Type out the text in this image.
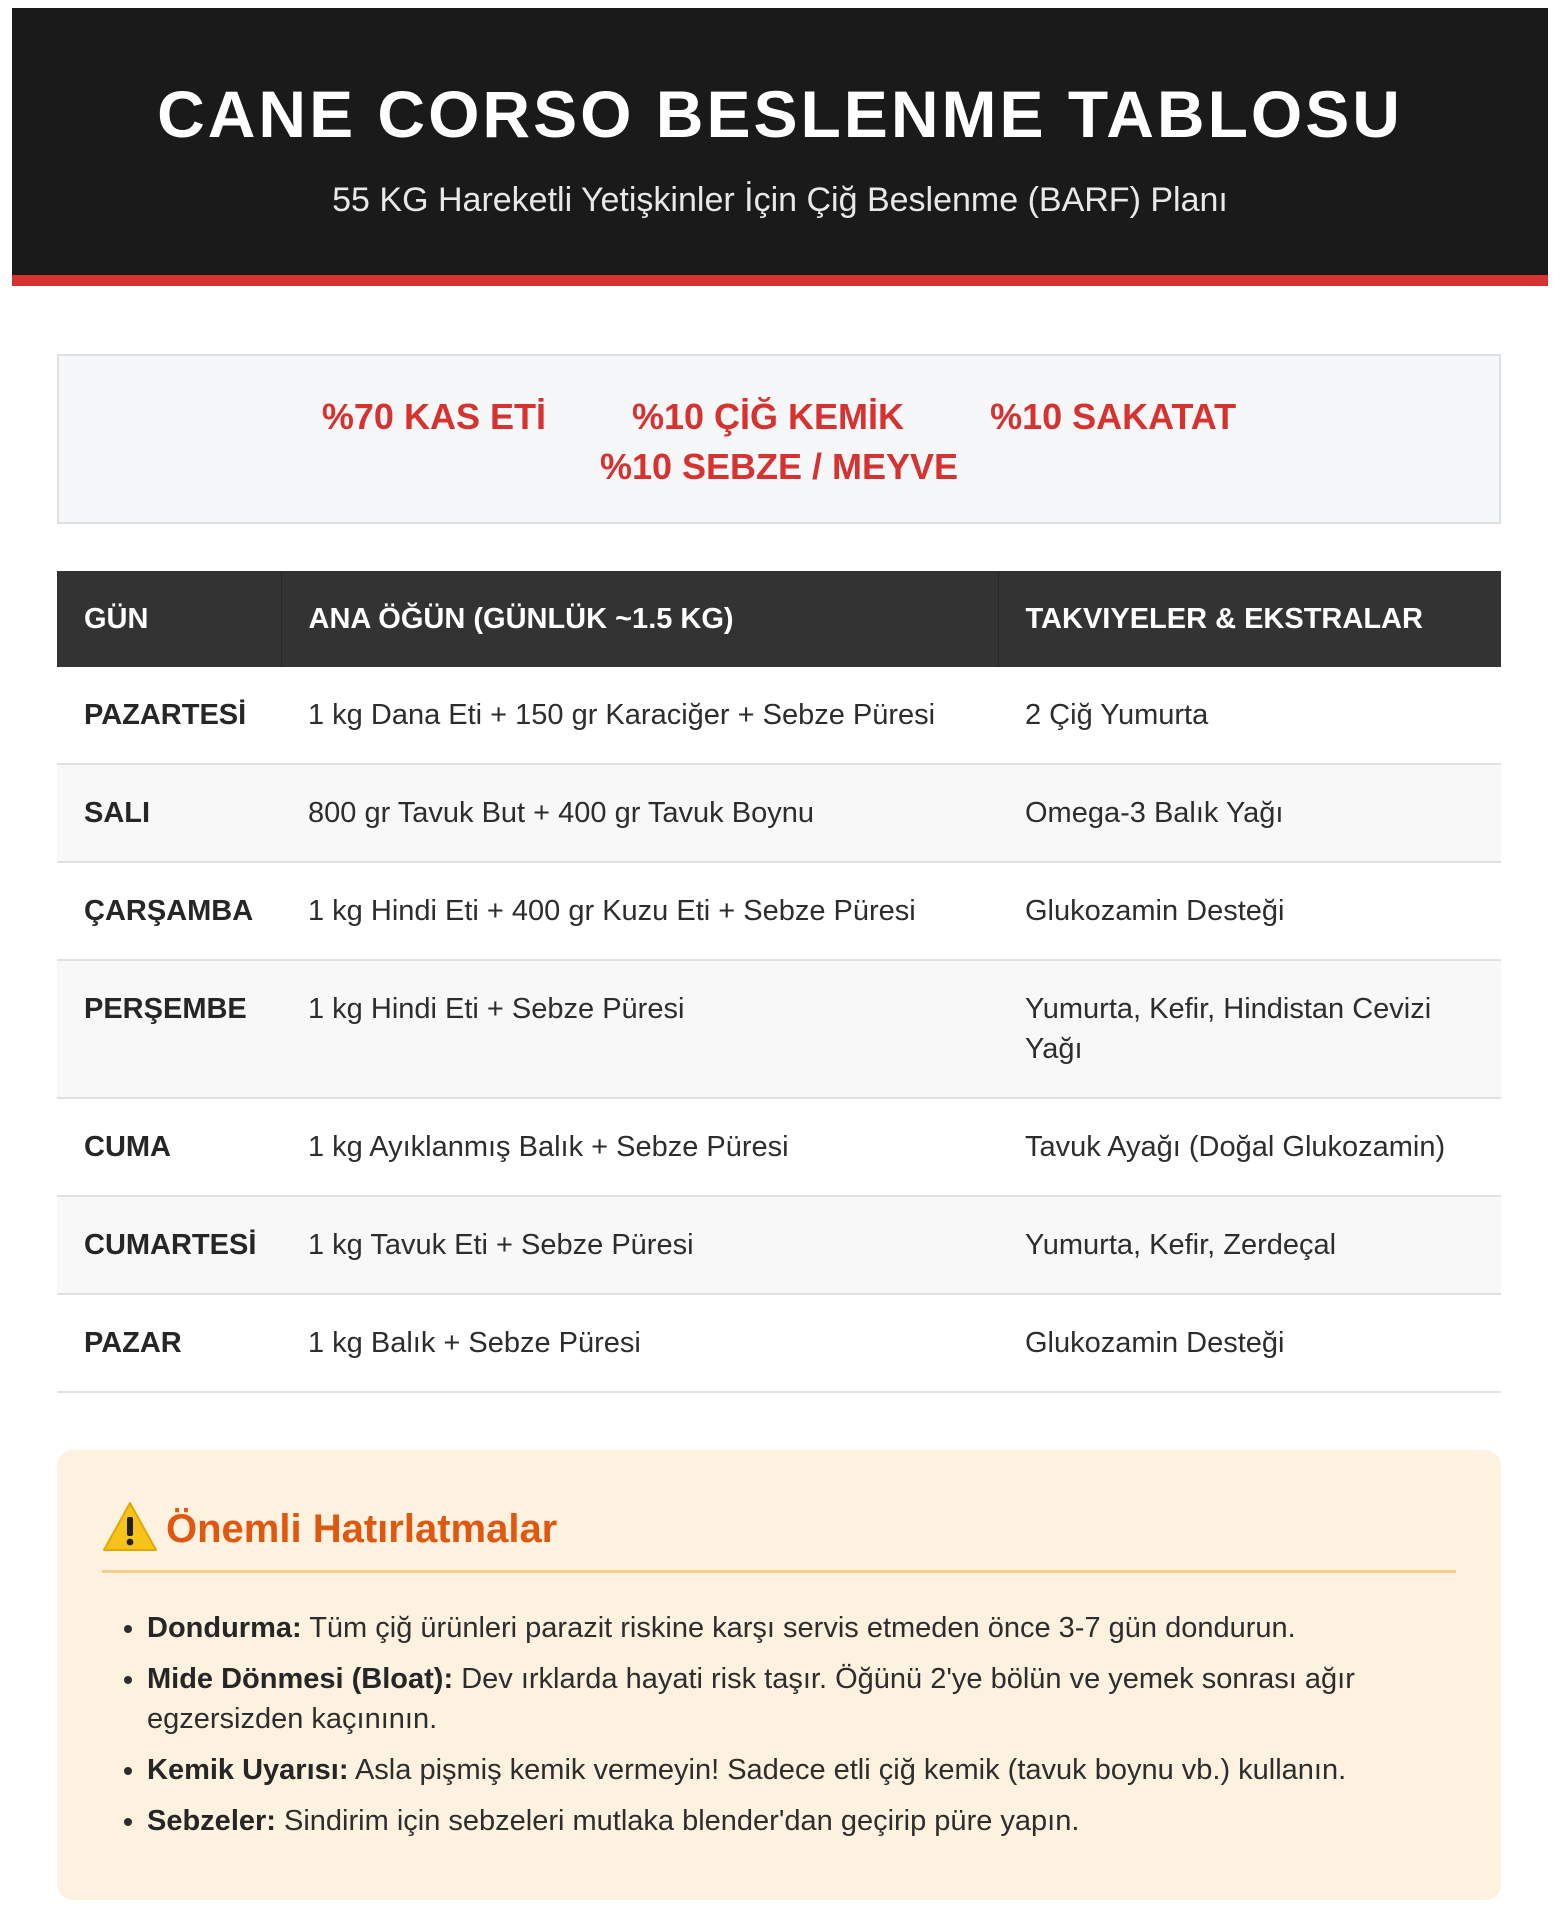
CANE CORSO BESLENME TABLOSU
55 KG Hareketli Yetişkinler İçin Çiğ Beslenme (BARF) Planı
%70 KAS ETİ %10 ÇİĞ KEMİK %10 SAKATAT
%10 SEBZE / MEYVE
GÜN	ANA ÖĞÜN (GÜNLÜK ~1.5 KG)	TAKVIYELER & EKSTRALAR
PAZARTESİ	1 kg Dana Eti + 150 gr Karaciğer + Sebze Püresi	2 Çiğ Yumurta
SALI	800 gr Tavuk But + 400 gr Tavuk Boynu	Omega-3 Balık Yağı
ÇARŞAMBA	1 kg Hindi Eti + 400 gr Kuzu Eti + Sebze Püresi	Glukozamin Desteği
PERŞEMBE	1 kg Hindi Eti + Sebze Püresi	Yumurta, Kefir, Hindistan Cevizi Yağı
CUMA	1 kg Ayıklanmış Balık + Sebze Püresi	Tavuk Ayağı (Doğal Glukozamin)
CUMARTESİ	1 kg Tavuk Eti + Sebze Püresi	Yumurta, Kefir, Zerdeçal
PAZAR	1 kg Balık + Sebze Püresi	Glukozamin Desteği
Önemli Hatırlatmalar
• Dondurma: Tüm çiğ ürünleri parazit riskine karşı servis etmeden önce 3-7 gün dondurun.
• Mide Dönmesi (Bloat): Dev ırklarda hayati risk taşır. Öğünü 2'ye bölün ve yemek sonrası ağır egzersizden kaçınının.
• Kemik Uyarısı: Asla pişmiş kemik vermeyin! Sadece etli çiğ kemik (tavuk boynu vb.) kullanın.
• Sebzeler: Sindirim için sebzeleri mutlaka blender'dan geçirip püre yapın.
